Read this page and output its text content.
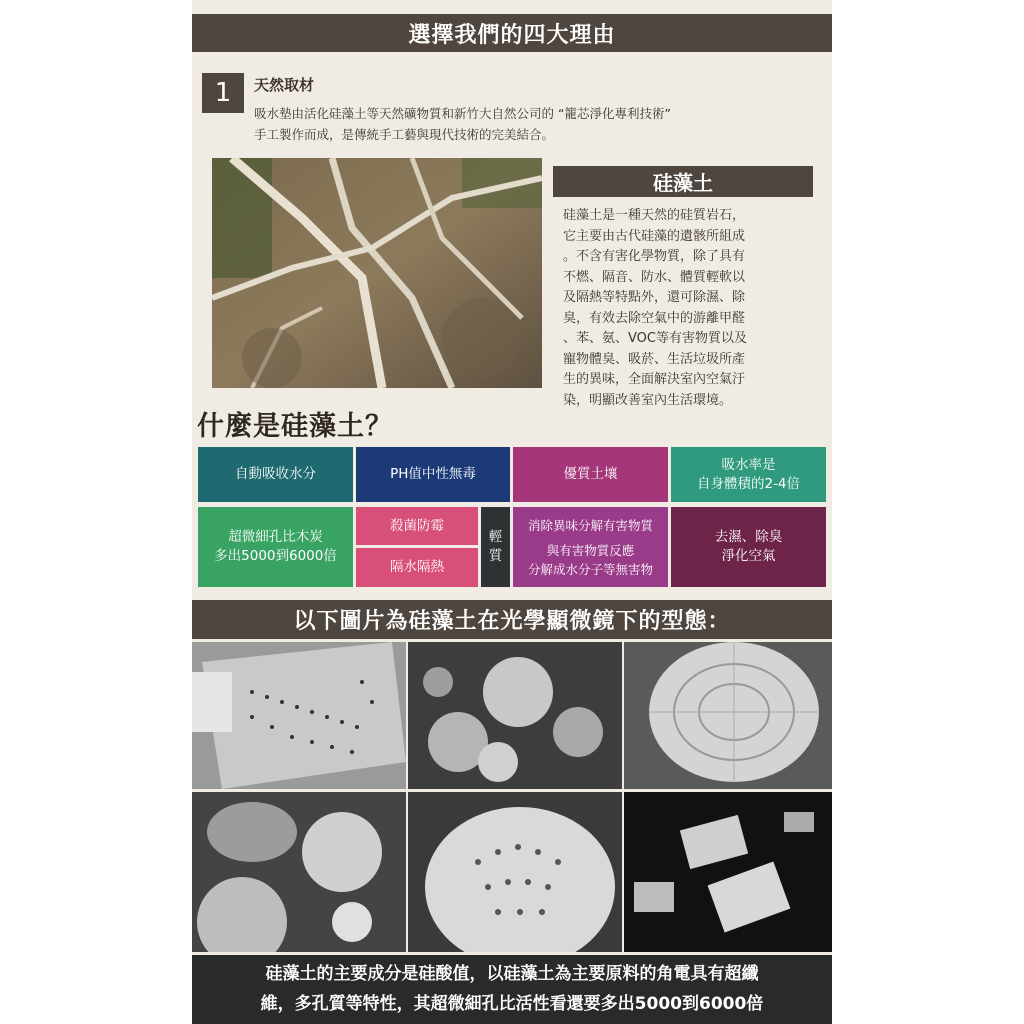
選擇我們的四大理由
1	天然取材
吸水墊由活化硅藻土等天然礦物質和新竹大自然公司的 “籠芯淨化專利技術”
手工製作而成，是傳統手工藝與現代技術的完美結合。
硅藻土
硅藻土是一種天然的硅質岩石，
它主要由古代硅藻的遺骸所組成
。不含有害化學物質，除了具有
不燃、隔音、防水、體質輕軟以
及隔熱等特點外，還可除濕、除
臭，有效去除空氣中的游離甲醛
、苯、氨、VOC等有害物質以及
寵物體臭、吸菸、生活垃圾所產
生的異味，全面解決室內空氣汙
染，明顯改善室內生活環境。
什麼是硅藻土？
自動吸收水分	PH值中性無毒	優質土壤
吸水率是
自身體積的2-4倍
超微細孔比木炭
多出5000到6000倍
殺菌防霉
隔水隔熱
輕
質
消除異味分解有害物質
與有害物質反應
分解成水分子等無害物
去濕、除臭
淨化空氣
以下圖片為硅藻土在光學顯微鏡下的型態：
硅藻土的主要成分是硅酸值，以硅藻土為主要原料的角電具有超纖
維，多孔質等特性，其超微細孔比活性看還要多出5000到6000倍
